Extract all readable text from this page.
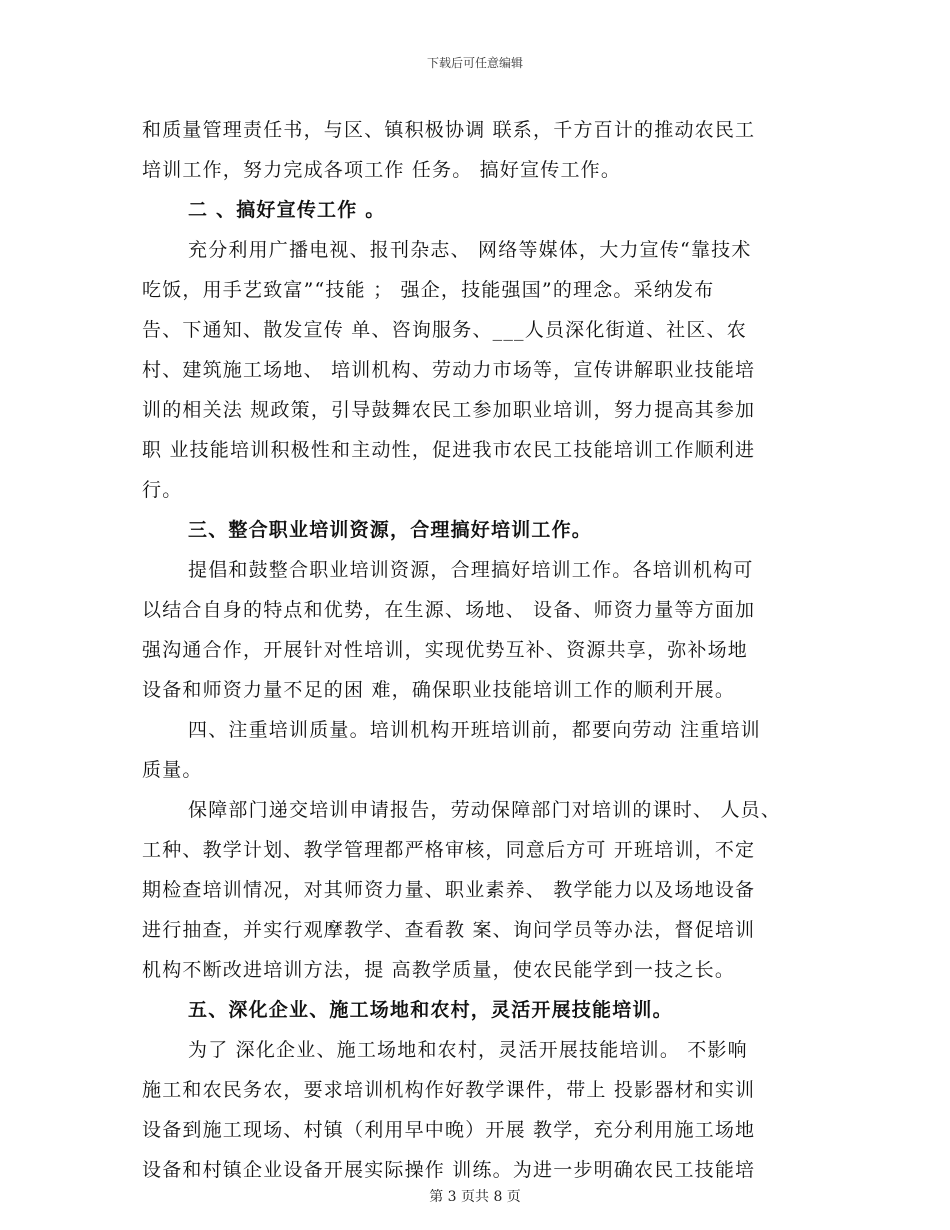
下载后可任意编辑
和质量管理责任书，与区、镇积极协调 联系，千方百计的推动农民工
培训工作，努力完成各项工作 任务。 搞好宣传工作。
二 、搞好宣传工作 。
充分利用广播电视、报刊杂志、 网络等媒体，大力宣传“靠技术
吃饭，用手艺致富”“技能 ； 强企，技能强国”的理念。采纳发布
告、下通知、散发宣传 单、咨询服务、___人员深化街道、社区、农
村、建筑施工场地、 培训机构、劳动力市场等，宣传讲解职业技能培
训的相关法 规政策，引导鼓舞农民工参加职业培训，努力提高其参加
职 业技能培训积极性和主动性，促进我市农民工技能培训工作顺利进
行。
三、整合职业培训资源，合理搞好培训工作。
提倡和鼓整合职业培训资源，合理搞好培训工作。各培训机构可
以结合自身的特点和优势，在生源、场地、 设备、师资力量等方面加
强沟通合作，开展针对性培训，实现优势互补、资源共享，弥补场地
设备和师资力量不足的困 难，确保职业技能培训工作的顺利开展。
四、注重培训质量。培训机构开班培训前，都要向劳动 注重培训
质量。
保障部门递交培训申请报告，劳动保障部门对培训的课时、 人员、
工种、教学计划、教学管理都严格审核，同意后方可 开班培训，不定
期检查培训情况，对其师资力量、职业素养、 教学能力以及场地设备
进行抽查，并实行观摩教学、查看教 案、询问学员等办法，督促培训
机构不断改进培训方法，提 高教学质量，使农民能学到一技之长。
五、深化企业、施工场地和农村，灵活开展技能培训。
为了 深化企业、施工场地和农村，灵活开展技能培训。 不影响
施工和农民务农，要求培训机构作好教学课件，带上 投影器材和实训
设备到施工现场、村镇（利用早中晚）开展 教学，充分利用施工场地
设备和村镇企业设备开展实际操作 训练。为进一步明确农民工技能培
第 3 页共 8 页
